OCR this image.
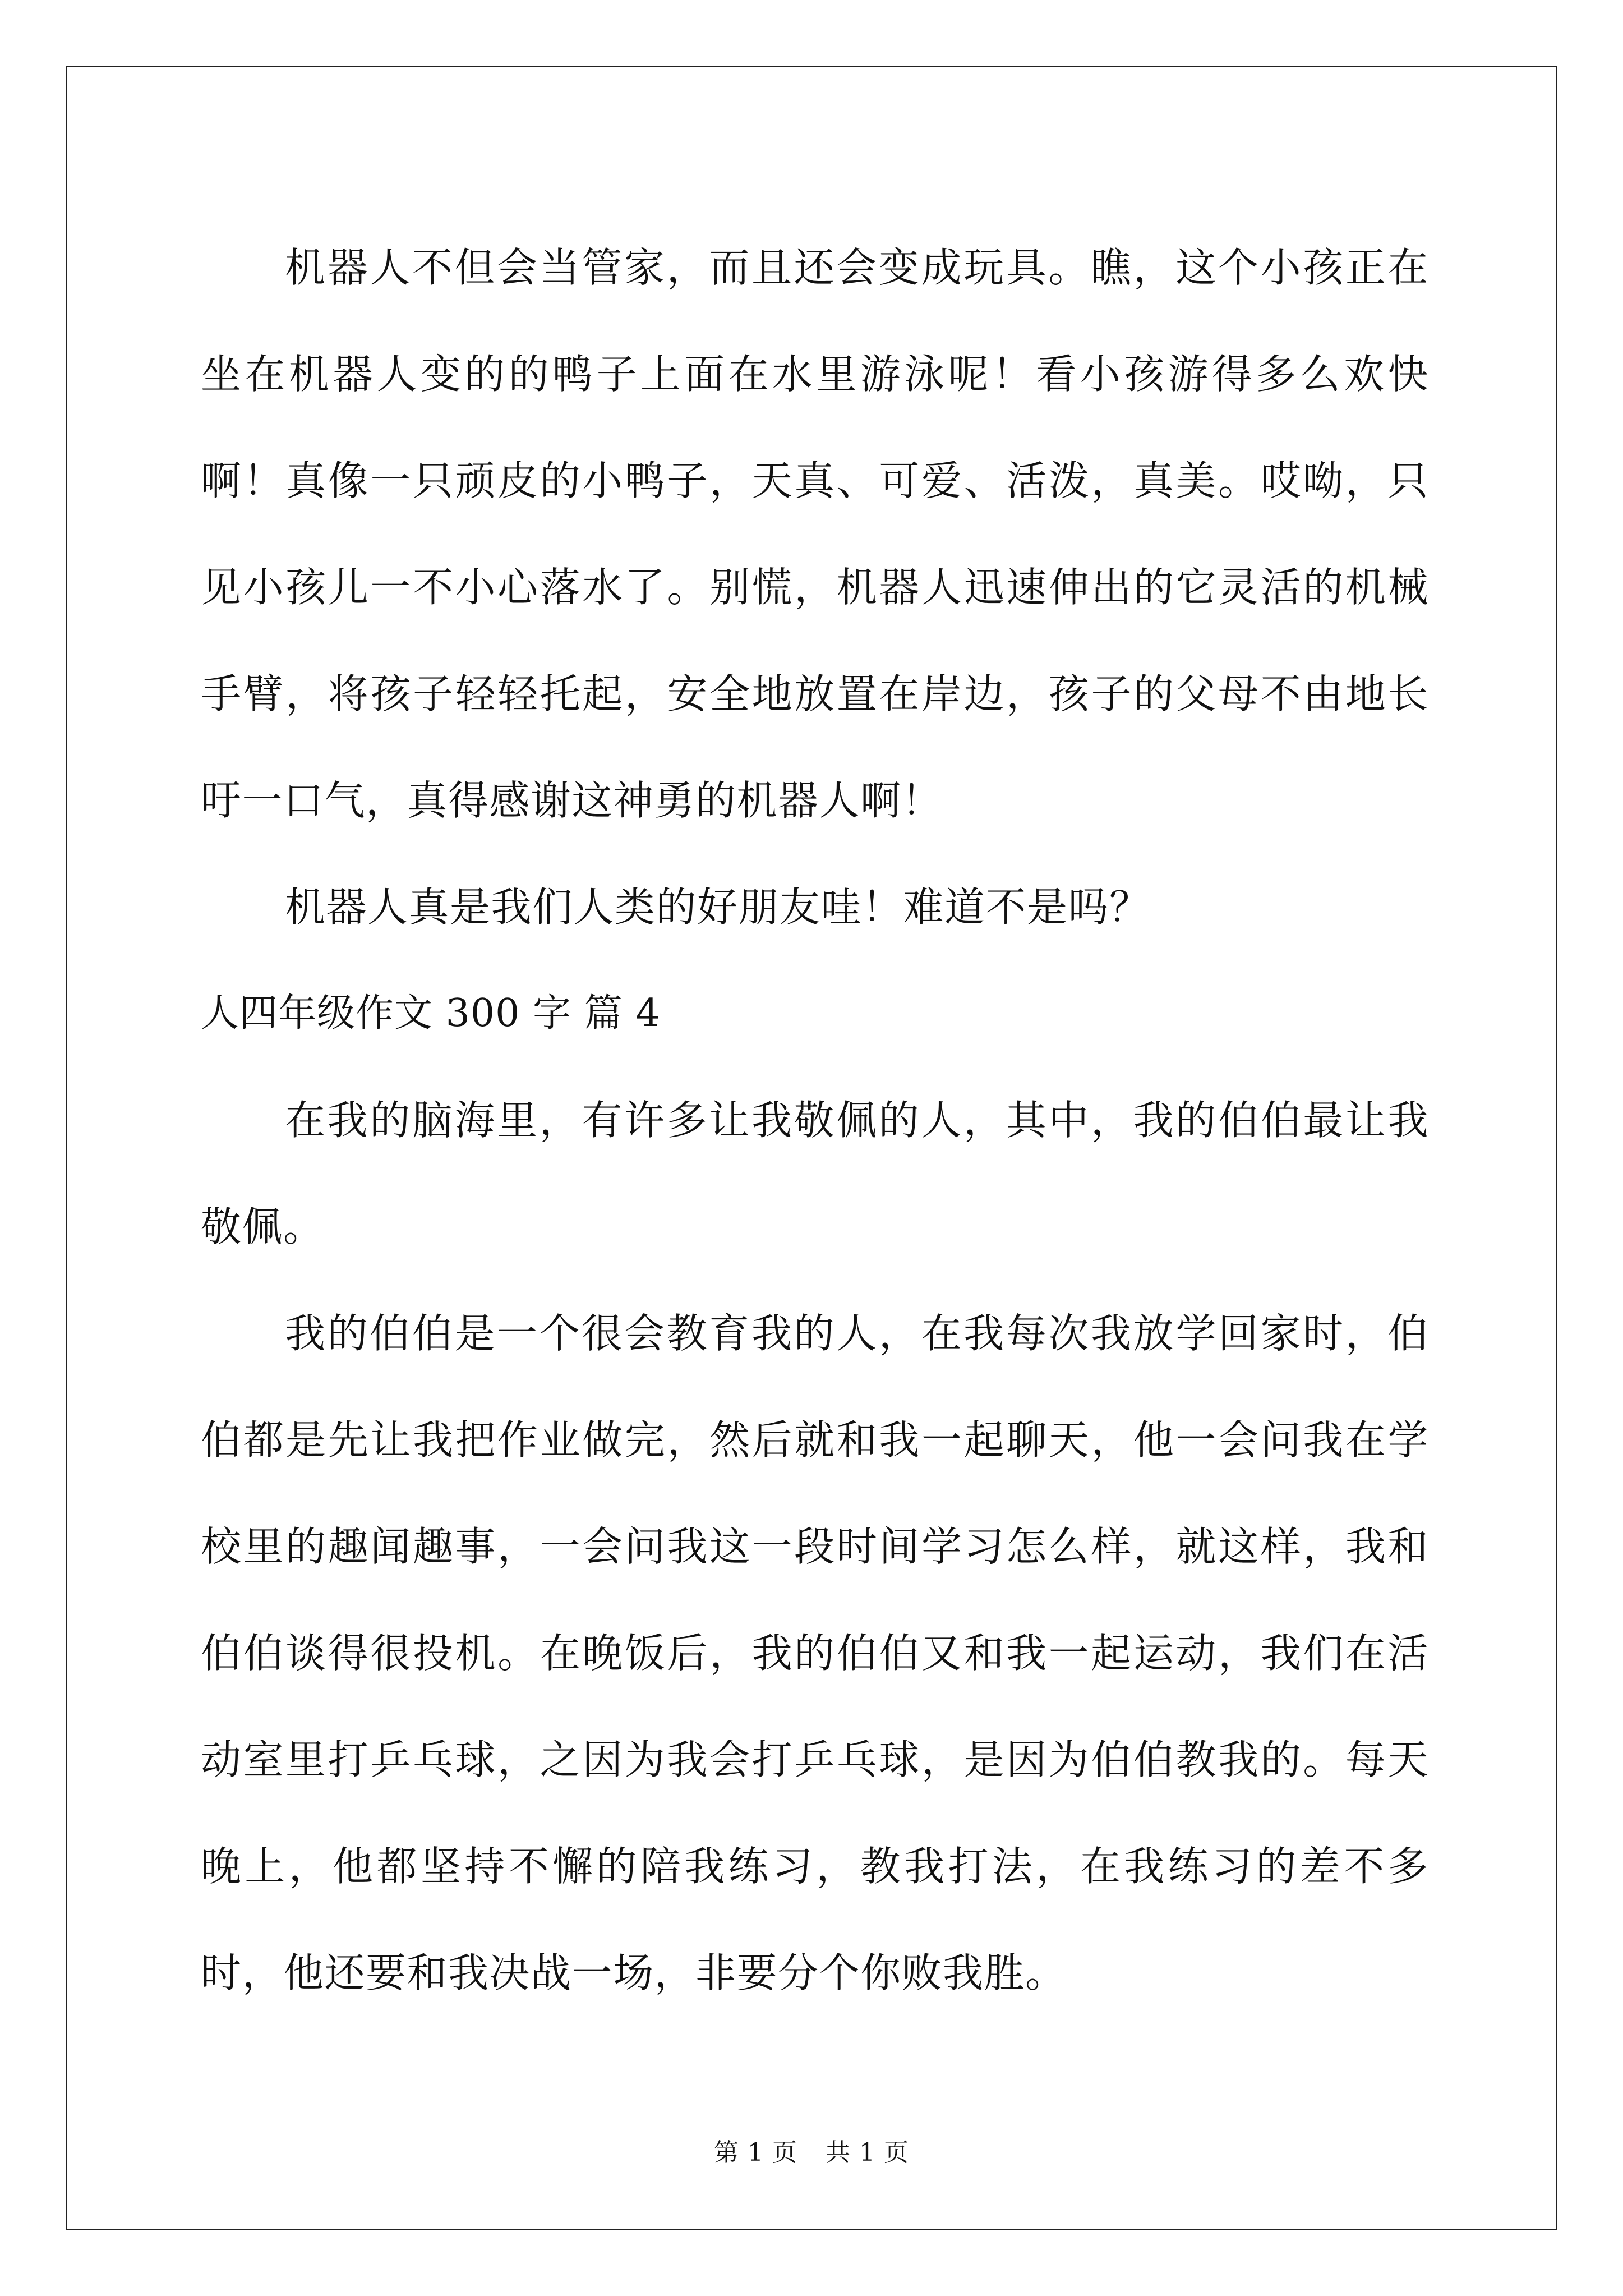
机器人不但会当管家，而且还会变成玩具。瞧，这个小孩正在坐在机器人变的的鸭子上面在水里游泳呢！看小孩游得多么欢快啊！真像一只顽皮的小鸭子，天真、可爱、活泼，真美。哎呦，只见小孩儿一不小心落水了。别慌，机器人迅速伸出的它灵活的机械手臂，将孩子轻轻托起，安全地放置在岸边，孩子的父母不由地长吁一口气，真得感谢这神勇的机器人啊！

机器人真是我们人类的好朋友哇！难道不是吗？

人四年级作文 300 字 篇 4

在我的脑海里，有许多让我敬佩的人，其中，我的伯伯最让我敬佩。

我的伯伯是一个很会教育我的人，在我每次我放学回家时，伯伯都是先让我把作业做完，然后就和我一起聊天，他一会问我在学校里的趣闻趣事，一会问我这一段时间学习怎么样，就这样，我和伯伯谈得很投机。在晚饭后，我的伯伯又和我一起运动，我们在活动室里打乒乓球，之因为我会打乒乓球，是因为伯伯教我的。每天晚上，他都坚持不懈的陪我练习，教我打法，在我练习的差不多时，他还要和我决战一场，非要分个你败我胜。

第 1 页 共 1 页
